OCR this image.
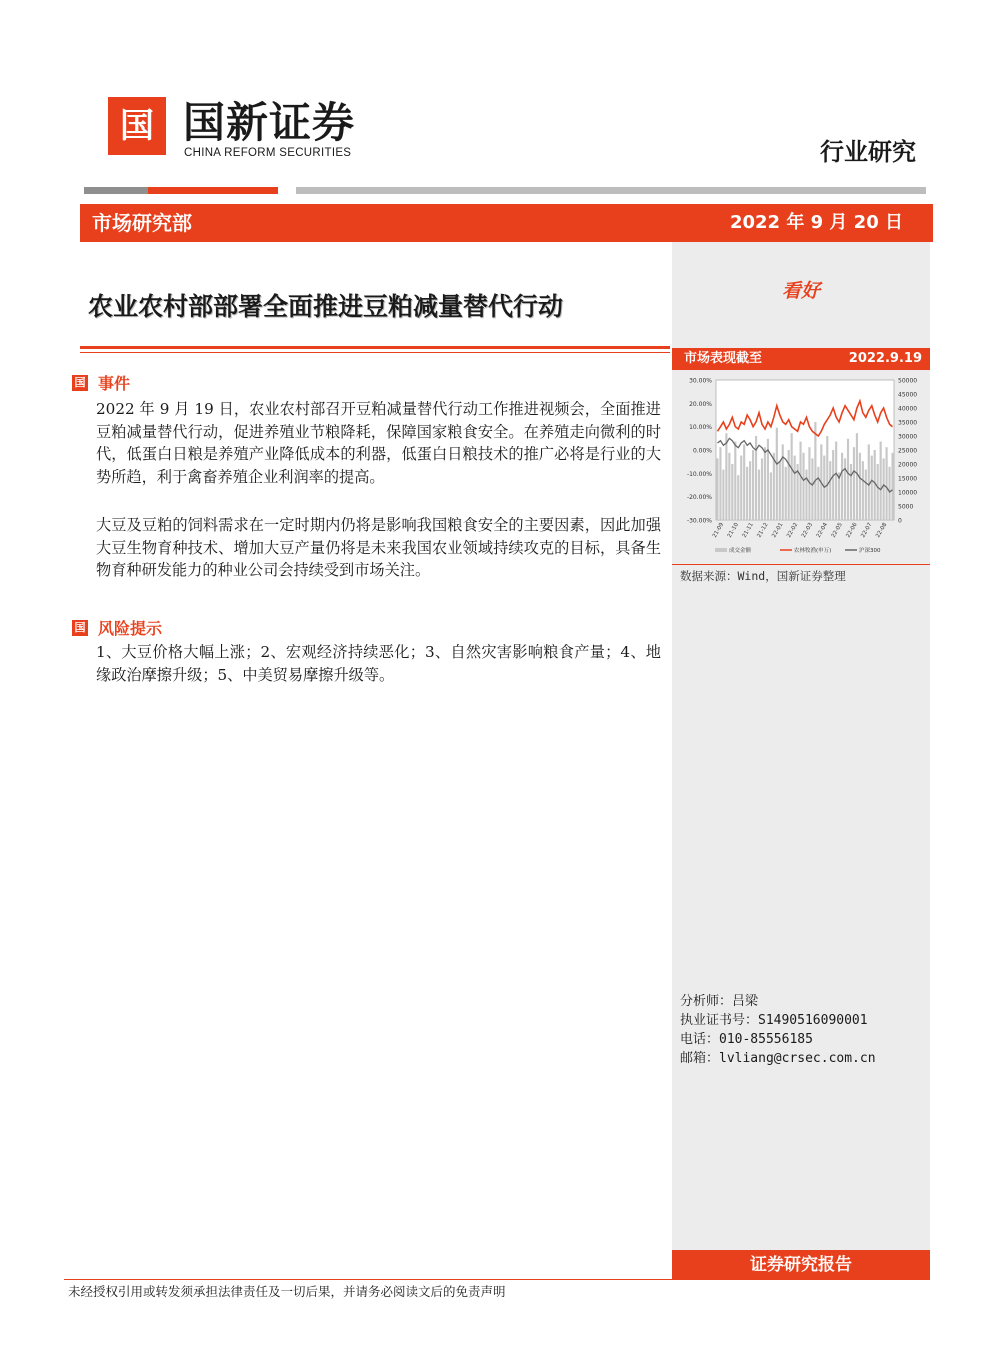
国 国新证券
CHINA REFORM SECURITIES	行业研究
市场研究部	2022 年 9 月 20 日
看好
农业农村部部署全面推进豆粕减量替代行动
国 事件
2022 年 9 月 19 日，农业农村部召开豆粕减量替代行动工作推进视频会，全面推进豆粕减量替代行动，促进养殖业节粮降耗，保障国家粮食安全。在养殖走向微利的时代，低蛋白日粮是养殖产业降低成本的利器，低蛋白日粮技术的推广必将是行业的大势所趋，利于禽畜养殖企业利润率的提高。
大豆及豆粕的饲料需求在一定时期内仍将是影响我国粮食安全的主要因素，因此加强大豆生物育种技术、增加大豆产量仍将是未来我国农业领域持续攻克的目标，具备生物育种研发能力的种业公司会持续受到市场关注。
国 风险提示
1、大豆价格大幅上涨；2、宏观经济持续恶化；3、自然灾害影响粮食产量；4、地缘政治摩擦升级；5、中美贸易摩擦升级等。
市场表现截至	2022.9.19
30.00%
20.00%
10.00%
0.00%
-10.00%
-20.00%
-30.00%
50000
45000
40000
35000
30000
25000
20000
15000
10000
5000
0
21-09 21-10 21-11 21-12 22-01 22-02 22-03 22-04 22-05 22-06 22-07 22-08
成交金额	农林牧渔(申万)	沪深300
数据来源：Wind，国新证券整理
分析师：吕梁
执业证书号：S1490516090001
电话：010-85556185
邮箱：lvliang@crsec.com.cn
证券研究报告
未经授权引用或转发须承担法律责任及一切后果，并请务必阅读文后的免责声明
